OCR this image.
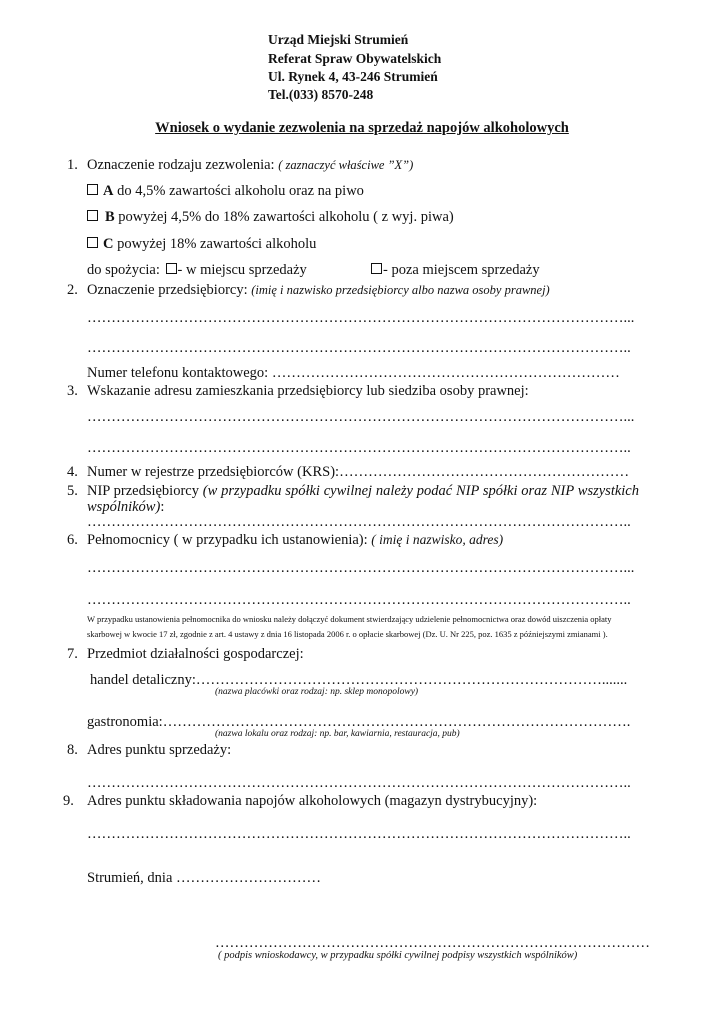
Urząd Miejski Strumień
Referat Spraw Obywatelskich
Ul. Rynek 4, 43-246 Strumień
Tel.(033) 8570-248
Wniosek o wydanie zezwolenia na sprzedaż napojów alkoholowych
1. Oznaczenie rodzaju zezwolenia: ( zaznaczyć właściwe ”X”)
A do 4,5% zawartości alkoholu oraz na piwo
B powyżej 4,5% do 18% zawartości alkoholu ( z wyj. piwa)
C powyżej 18% zawartości alkoholu
do spożycia: - w miejscu sprzedaży	- poza miejscem sprzedaży
2. Oznaczenie przedsiębiorcy: (imię i nazwisko przedsiębiorcy albo nazwa osoby prawnej)
…………………………………………………………………………………………………...
…………………………………………………………………………………………………..
Numer telefonu kontaktowego: ………………………………………………………………
3. Wskazanie adresu zamieszkania przedsiębiorcy lub siedziba osoby prawnej:
…………………………………………………………………………………………………...
…………………………………………………………………………………………………..
4. Numer w rejestrze przedsiębiorców (KRS):……………………………………………………
5. NIP przedsiębiorcy (w przypadku spółki cywilnej należy podać NIP spółki oraz NIP wszystkich wspólników):
…………………………………………………………………………………………………..
6. Pełnomocnicy ( w przypadku ich ustanowienia): ( imię i nazwisko, adres)
…………………………………………………………………………………………………...
…………………………………………………………………………………………………..
W przypadku ustanowienia pełnomocnika do wniosku należy dołączyć dokument stwierdzający udzielenie pełnomocnictwa oraz dowód uiszczenia opłaty skarbowej w kwocie 17 zł, zgodnie z art. 4 ustawy z dnia 16 listopada 2006 r. o opłacie skarbowej (Dz. U. Nr 225, poz. 1635 z późniejszymi zmianami ).
7. Przedmiot działalności gospodarczej:
handel detaliczny:………………………………………………………………………….......
(nazwa placówki oraz rodzaj: np. sklep monopolowy)
gastronomia:…………………………………………………………………………………….
(nazwa lokalu oraz rodzaj: np. bar, kawiarnia, restauracja, pub)
8. Adres punktu sprzedaży:
…………………………………………………………………………………………………..
9. Adres punktu składowania napojów alkoholowych (magazyn dystrybucyjny):
…………………………………………………………………………………………………..
Strumień, dnia …………………………
………………………………………………………………………………
( podpis wnioskodawcy, w przypadku spółki cywilnej podpisy wszystkich wspólników)
